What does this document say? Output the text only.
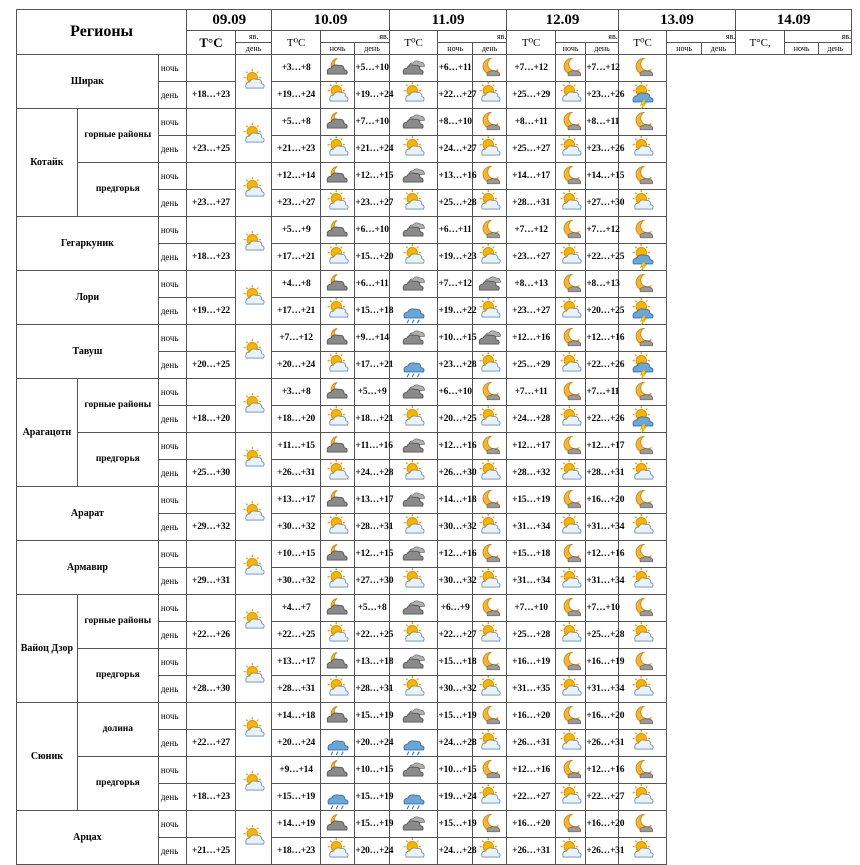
Регионы			09.09		10.09			11.09			12.09			13.09			14.09		
			T°C	яв.	T⁰C	яв.		T⁰C	яв.		T⁰C	яв.		T⁰C	яв.		T°C,	яв.	
				день		ночь	день		ночь	день		ночь	день		ночь	день		ночь	день
Ширак		ночь			+3…+8		+5…+10		+6…+11		+7…+12		+7…+12	

		день	+18…+23		+19…+24		+19…+24		+22…+27		+25…+29		+23…+26	

Котайк	горные районы	ночь			+5…+8		+7…+10		+8…+10		+8…+11		+8…+11	

		день	+23…+25		+21…+23		+21…+24		+24…+27		+25…+27		+23…+26	

	предгорья	ночь			+12…+14		+12…+15		+13…+16		+14…+17		+14…+15	

		день	+23…+27		+23…+27		+23…+27		+25…+28		+28…+31		+27…+30	

Гегаркуник		ночь			+5…+9		+6…+10		+6…+11		+7…+12		+7…+12	

		день	+18…+23		+17…+21		+15…+20		+19…+23		+23…+27		+22…+25	

Лори		ночь			+4…+8		+6…+11		+7…+12		+8…+13		+8…+13	

		день	+19…+22		+17…+21		+15…+18		+19…+22		+23…+27		+20…+25	

Тавуш		ночь			+7…+12		+9…+14		+10…+15		+12…+16		+12…+16	

		день	+20…+25		+20…+24		+17…+21		+23…+28		+25…+29		+22…+26	

Арагацотн	горные районы	ночь			+3…+8		+5…+9		+6…+10		+7…+11		+7…+11	

		день	+18…+20		+18…+20		+18…+21		+20…+25		+24…+28		+22…+26	

	предгорья	ночь			+11…+15		+11…+16		+12…+16		+12…+17		+12…+17	

		день	+25…+30		+26…+31		+24…+28		+26…+30		+28…+32		+28…+31	

Арарат		ночь			+13…+17		+13…+17		+14…+18		+15…+19		+16…+20	

		день	+29…+32		+30…+32		+28…+31		+30…+32		+31…+34		+31…+34	

Армавир		ночь			+10…+15		+12…+15		+12…+16		+15…+18		+12…+16	

		день	+29…+31		+30…+32		+27…+30		+30…+32		+31…+34		+31…+34	

Вайоц Дзор	горные районы	ночь			+4…+7		+5…+8		+6…+9		+7…+10		+7…+10	

		день	+22…+26		+22…+25		+22…+25		+22…+27		+25…+28		+25…+28	

	предгорья	ночь			+13…+17		+13…+18		+15…+18		+16…+19		+16…+19	

		день	+28…+30		+28…+31		+28…+31		+30…+32		+31…+35		+31…+34	

Сюник	долина	ночь			+14…+18		+15…+19		+15…+19		+16…+20		+16…+20	

		день	+22…+27		+20…+24		+20…+24		+24…+28		+26…+31		+26…+31	

	предгорья	ночь			+9…+14		+10…+15		+10…+15		+12…+16		+12…+16	

		день	+18…+23		+15…+19		+15…+19		+19…+24		+22…+27		+22…+27	

Арцах		ночь			+14…+19		+15…+19		+15…+19		+16…+20		+16…+20	

		день	+21…+25		+18…+23		+20…+24		+24…+28		+26…+31		+26…+31	
